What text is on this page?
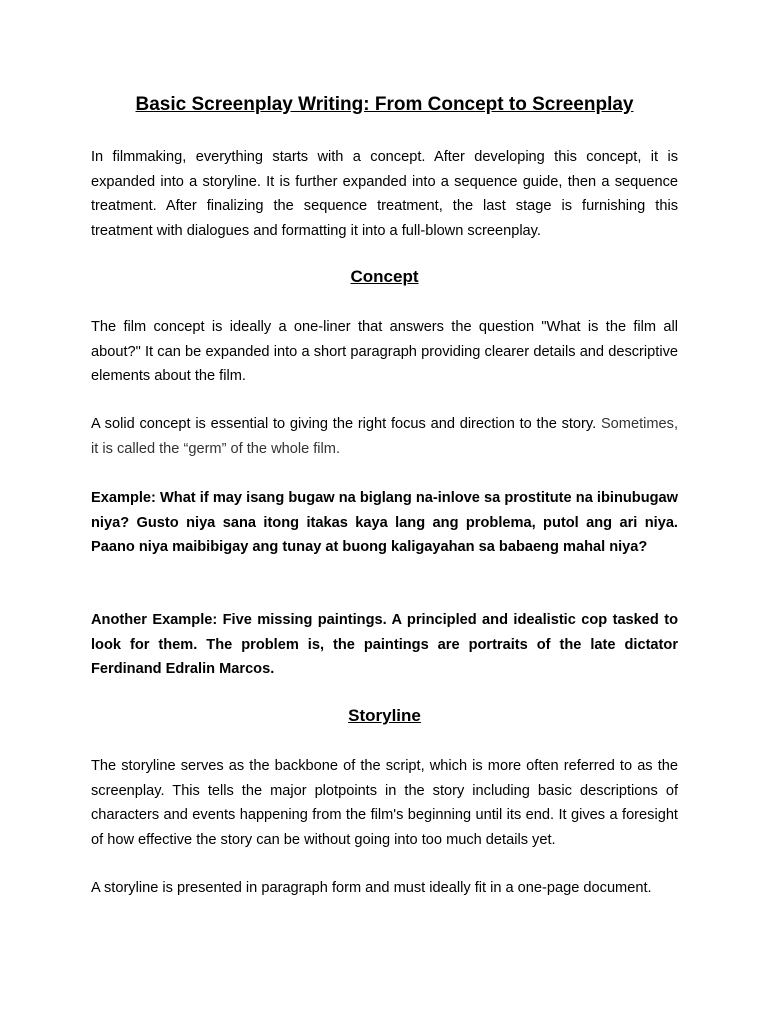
Basic Screenplay Writing: From Concept to Screenplay

In filmmaking, everything starts with a concept. After developing this concept, it is expanded into a storyline. It is further expanded into a sequence guide, then a sequence treatment. After finalizing the sequence treatment, the last stage is furnishing this treatment with dialogues and formatting it into a full-blown screenplay.

Concept

The film concept is ideally a one-liner that answers the question "What is the film all about?" It can be expanded into a short paragraph providing clearer details and descriptive elements about the film.

A solid concept is essential to giving the right focus and direction to the story. Sometimes, it is called the “germ” of the whole film.

Example: What if may isang bugaw na biglang na-inlove sa prostitute na ibinubugaw niya? Gusto niya sana itong itakas kaya lang ang problema, putol ang ari niya. Paano niya maibibigay ang tunay at buong kaligayahan sa babaeng mahal niya?

Another Example: Five missing paintings. A principled and idealistic cop tasked to look for them. The problem is, the paintings are portraits of the late dictator Ferdinand Edralin Marcos.

Storyline

The storyline serves as the backbone of the script, which is more often referred to as the screenplay. This tells the major plotpoints in the story including basic descriptions of characters and events happening from the film's beginning until its end. It gives a foresight of how effective the story can be without going into too much details yet.

A storyline is presented in paragraph form and must ideally fit in a one-page document.
